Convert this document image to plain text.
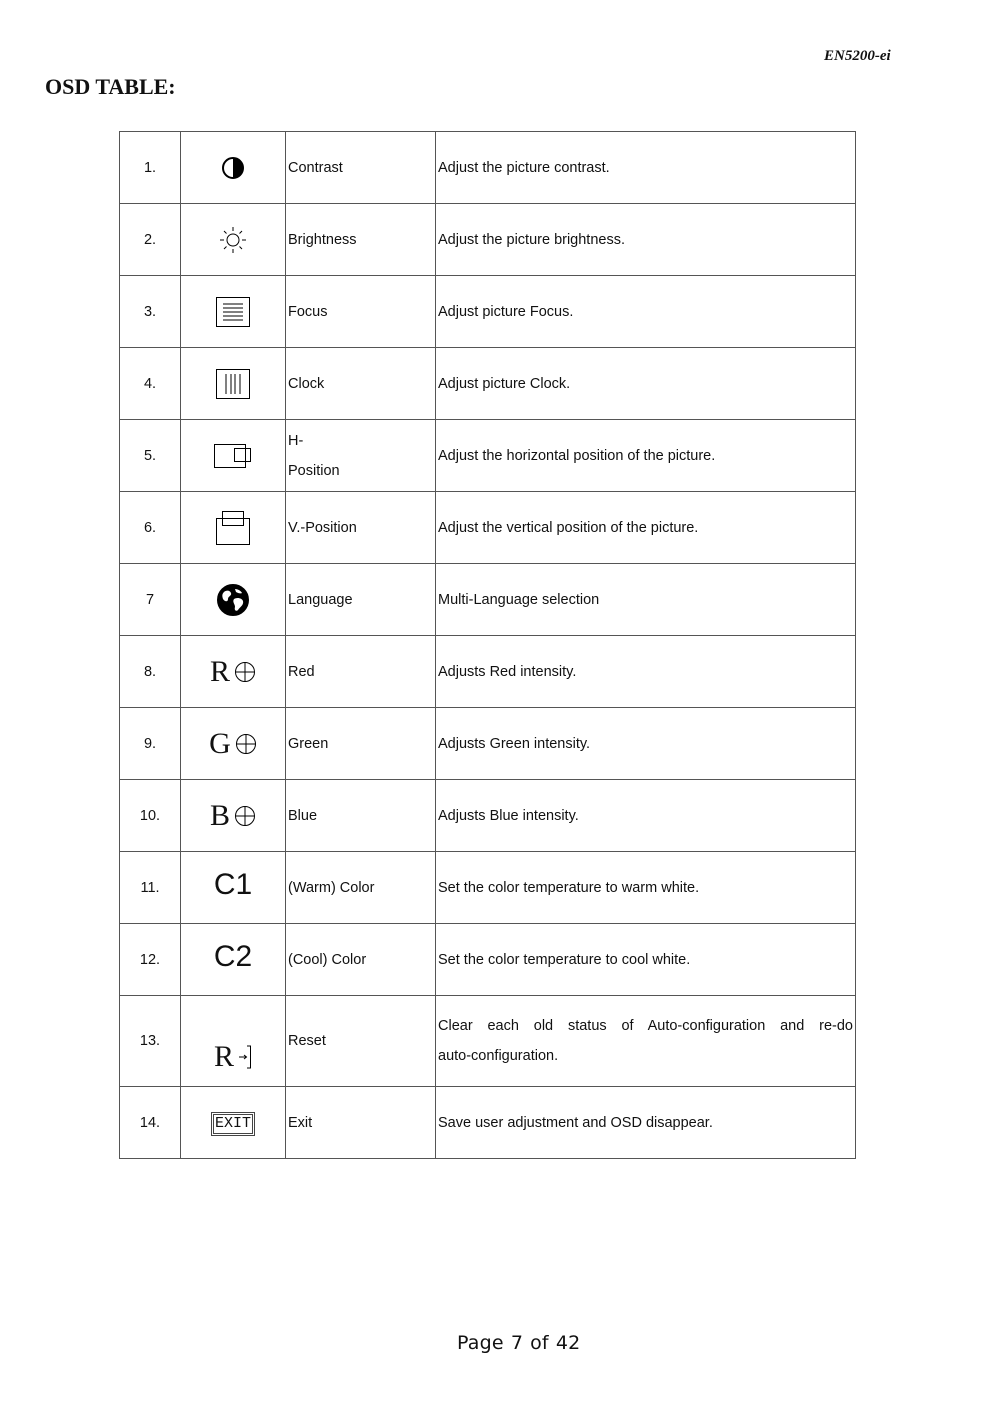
EN5200-ei
OSD TABLE:
1.		Contrast	Adjust the picture contrast.
2.		Brightness	Adjust the picture brightness.
3.		Focus	Adjust picture Focus.
4.		Clock	Adjust picture Clock.
5.		H-
Position	Adjust the horizontal position of the picture.
6.		V.-Position	Adjust the vertical position of the picture.
7		Language	Multi-Language selection
8.	R	Red	Adjusts Red intensity.
9.	G	Green	Adjusts Green intensity.
10.	B	Blue	Adjusts Blue intensity.
11.	C1	(Warm) Color	Set the color temperature to warm white.
12.	C2	(Cool) Color	Set the color temperature to cool white.
13.	R	Reset	Clear each old status of Auto-configuration and re-do
auto-configuration.

14.	EXIT	Exit	Save user adjustment and OSD disappear.
Page 7 of 42
